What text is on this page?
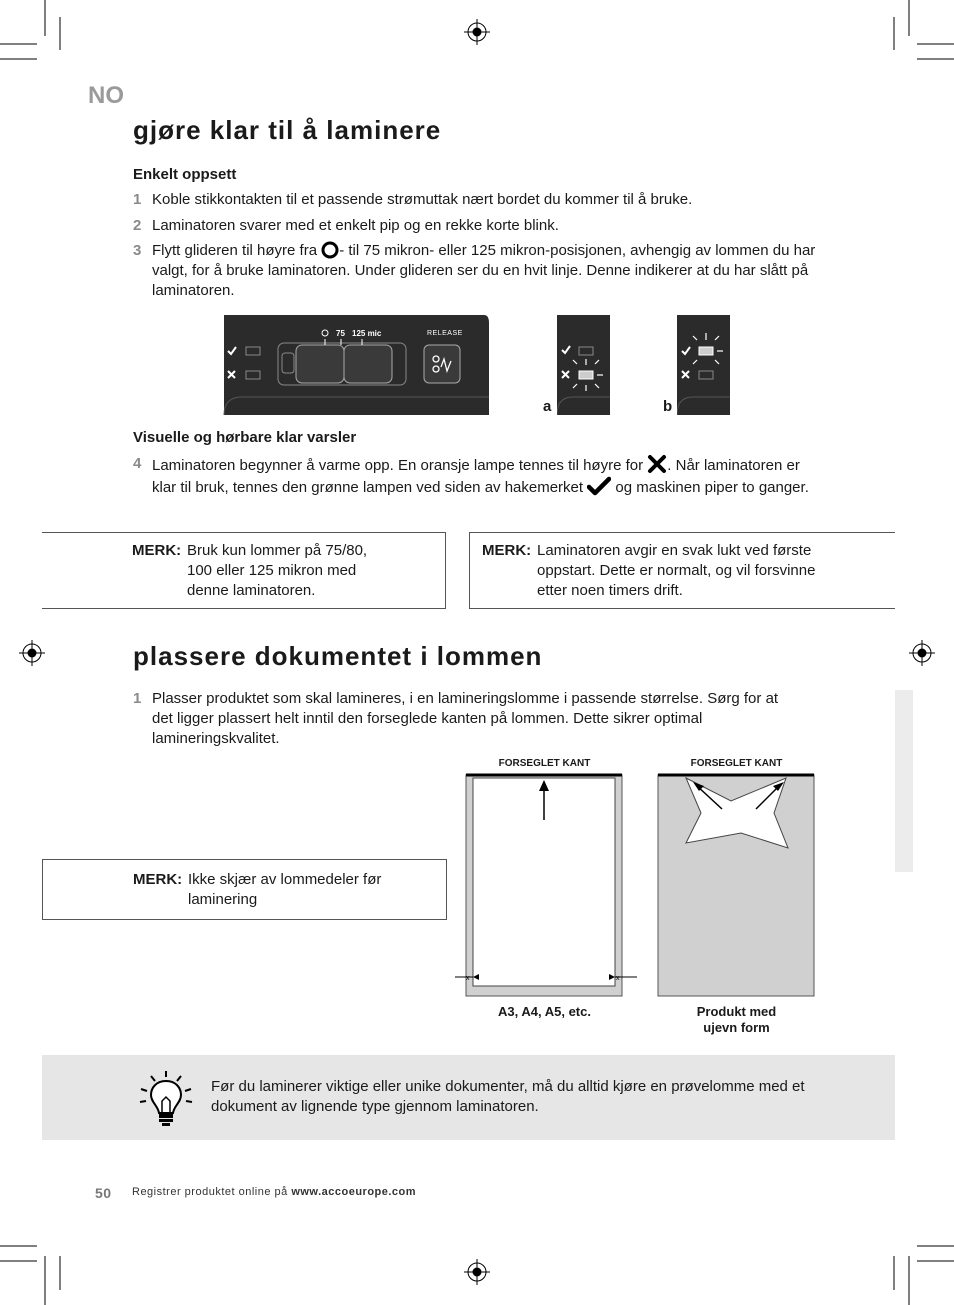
NO
gjøre klar til å laminere
Enkelt oppsett
1 Koble stikkontakten til et passende strømuttak nært bordet du kommer til å bruke.
2 Laminatoren svarer med et enkelt pip og en rekke korte blink.
3 Flytt glideren til høyre fra - til 75 mikron- eller 125 mikron-posisjonen, avhengig av lommen du har valgt, for å bruke laminatoren. Under glideren ser du en hvit linje. Denne indikerer at du har slått på laminatoren.
75 125 mic	RELEASE
a	b
Visuelle og hørbare klar varsler
4 Laminatoren begynner å varme opp. En oransje lampe tennes til høyre for . Når laminatoren er klar til bruk, tennes den grønne lampen ved siden av hakemerket  og maskinen piper to ganger.
MERK: Bruk kun lommer på 75/80, 100 eller 125 mikron med denne laminatoren.
MERK: Laminatoren avgir en svak lukt ved første oppstart. Dette er normalt, og vil forsvinne etter noen timers drift.
plassere dokumentet i lommen
1 Plasser produktet som skal lamineres, i en lamineringslomme i passende størrelse. Sørg for at det ligger plassert helt inntil den forseglede kanten på lommen. Dette sikrer optimal lamineringskvalitet.
FORSEGLET KANT
x	x
A3, A4, A5, etc.
FORSEGLET KANT
Produkt med
ujevn form
MERK: Ikke skjær av lommedeler før laminering
Før du laminerer viktige eller unike dokumenter, må du alltid kjøre en prøvelomme med et dokument av lignende type gjennom laminatoren.
50 Registrer produktet online på www.accoeurope.com
